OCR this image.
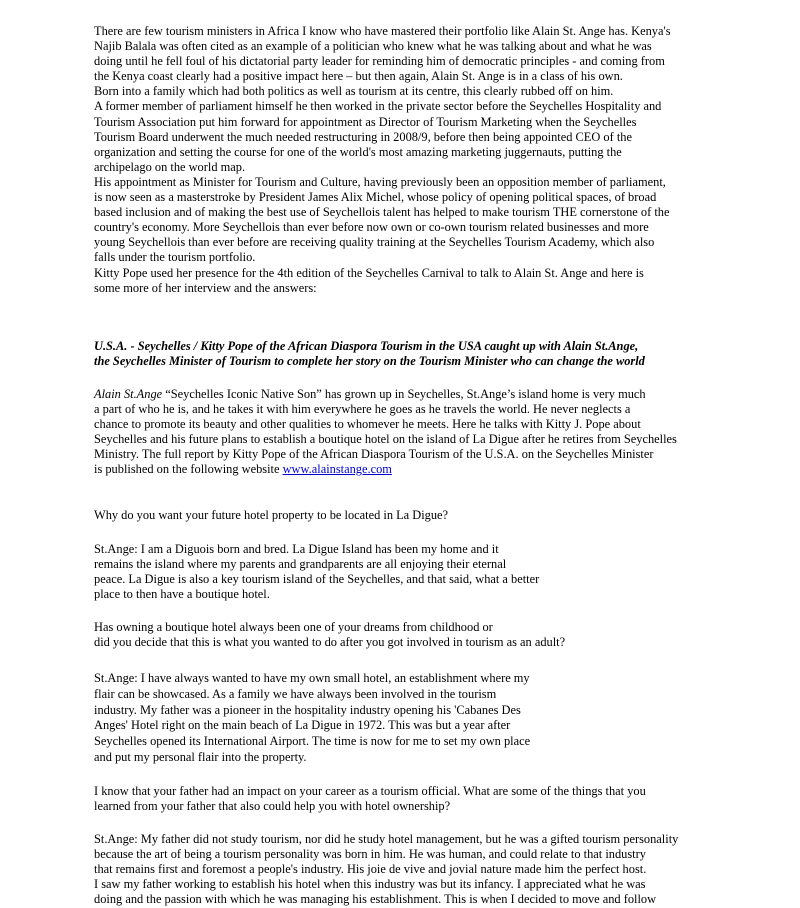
There are few tourism ministers in Africa I know who have mastered their portfolio like Alain St. Ange has. Kenya's
Najib Balala was often cited as an example of a politician who knew what he was talking about and what he was
doing until he fell foul of his dictatorial party leader for reminding him of democratic principles - and coming from
the Kenya coast clearly had a positive impact here – but then again, Alain St. Ange is in a class of his own.
Born into a family which had both politics as well as tourism at its centre, this clearly rubbed off on him.
A former member of parliament himself he then worked in the private sector before the Seychelles Hospitality and
Tourism Association put him forward for appointment as Director of Tourism Marketing when the Seychelles
Tourism Board underwent the much needed restructuring in 2008/9, before then being appointed CEO of the
organization and setting the course for one of the world's most amazing marketing juggernauts, putting the
archipelago on the world map.
His appointment as Minister for Tourism and Culture, having previously been an opposition member of parliament,
is now seen as a masterstroke by President James Alix Michel, whose policy of opening political spaces, of broad
based inclusion and of making the best use of Seychellois talent has helped to make tourism THE cornerstone of the
country's economy. More Seychellois than ever before now own or co-own tourism related businesses and more
young Seychellois than ever before are receiving quality training at the Seychelles Tourism Academy, which also
falls under the tourism portfolio.
Kitty Pope used her presence for the 4th edition of the Seychelles Carnival to talk to Alain St. Ange and here is
some more of her interview and the answers:

U.S.A. - Seychelles / Kitty Pope of the African Diaspora Tourism in the USA caught up with Alain St.Ange,
the Seychelles Minister of Tourism to complete her story on the Tourism Minister who can change the world

Alain St.Ange “Seychelles Iconic Native Son” has grown up in Seychelles, St.Ange’s island home is very much
a part of who he is, and he takes it with him everywhere he goes as he travels the world. He never neglects a
chance to promote its beauty and other qualities to whomever he meets. Here he talks with Kitty J. Pope about
Seychelles and his future plans to establish a boutique hotel on the island of La Digue after he retires from Seychelles
Ministry. The full report by Kitty Pope of the African Diaspora Tourism of the U.S.A. on the Seychelles Minister
is published on the following website www.alainstange.com

Why do you want your future hotel property to be located in La Digue?

St.Ange: I am a Diguois born and bred. La Digue Island has been my home and it
remains the island where my parents and grandparents are all enjoying their eternal
peace. La Digue is also a key tourism island of the Seychelles, and that said, what a better
place to then have a boutique hotel.

Has owning a boutique hotel always been one of your dreams from childhood or
did you decide that this is what you wanted to do after you got involved in tourism as an adult?

St.Ange: I have always wanted to have my own small hotel, an establishment where my
flair can be showcased. As a family we have always been involved in the tourism
industry. My father was a pioneer in the hospitality industry opening his 'Cabanes Des
Anges' Hotel right on the main beach of La Digue in 1972. This was but a year after
Seychelles opened its International Airport. The time is now for me to set my own place
and put my personal flair into the property.

I know that your father had an impact on your career as a tourism official. What are some of the things that you
learned from your father that also could help you with hotel ownership?

St.Ange: My father did not study tourism, nor did he study hotel management, but he was a gifted tourism personality
because the art of being a tourism personality was born in him. He was human, and could relate to that industry
that remains first and foremost a people's industry. His joie de vive and jovial nature made him the perfect host.
I saw my father working to establish his hotel when this industry was but its infancy. I appreciated what he was
doing and the passion with which he was managing his establishment. This is when I decided to move and follow
